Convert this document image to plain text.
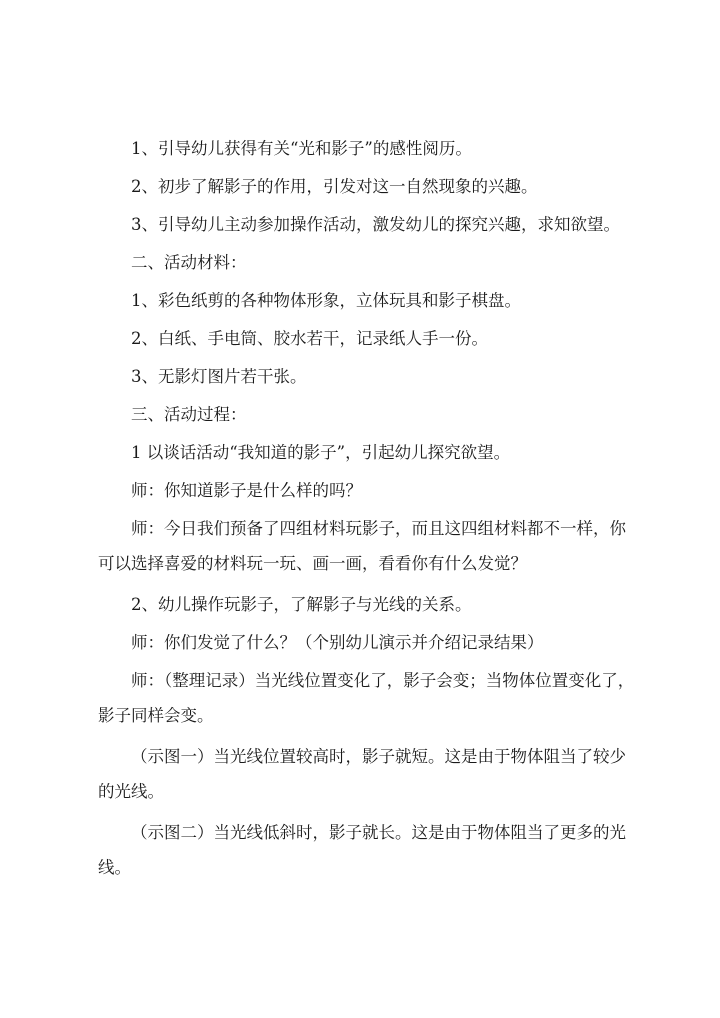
1、引导幼儿获得有关“光和影子”的感性阅历。

2、初步了解影子的作用，引发对这一自然现象的兴趣。

3、引导幼儿主动参加操作活动，激发幼儿的探究兴趣，求知欲望。

二、活动材料：

1、彩色纸剪的各种物体形象，立体玩具和影子棋盘。

2、白纸、手电筒、胶水若干，记录纸人手一份。

3、无影灯图片若干张。

三、活动过程：

1 以谈话活动“我知道的影子”，引起幼儿探究欲望。

师：你知道影子是什么样的吗？

师：今日我们预备了四组材料玩影子，而且这四组材料都不一样，你
可以选择喜爱的材料玩一玩、画一画，看看你有什么发觉？

2、幼儿操作玩影子，了解影子与光线的关系。

师：你们发觉了什么？（个别幼儿演示并介绍记录结果）

师：（整理记录）当光线位置变化了，影子会变；当物体位置变化了，
影子同样会变。
（示图一）当光线位置较高时，影子就短。这是由于物体阻当了较少
的光线。
（示图二）当光线低斜时，影子就长。这是由于物体阻当了更多的光
线。
